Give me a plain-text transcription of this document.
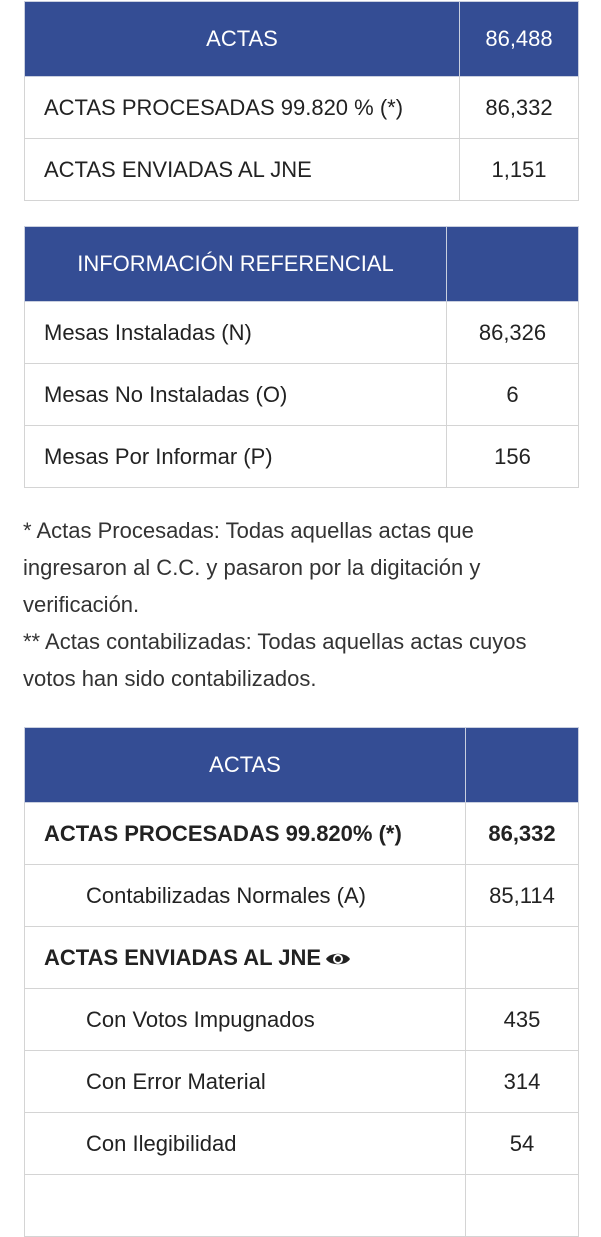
ACTAS	86,488
ACTAS PROCESADAS 99.820 % (*)	86,332
ACTAS ENVIADAS AL JNE	1,151
INFORMACIÓN REFERENCIAL	
Mesas Instaladas (N)	86,326
Mesas No Instaladas (O)	6
Mesas Por Informar (P)	156

* Actas Procesadas: Todas aquellas actas que ingresaron al C.C. y pasaron por la digitación y verificación.

** Actas contabilizadas: Todas aquellas actas cuyos votos han sido contabilizados.

ACTAS	
ACTAS PROCESADAS 99.820% (*)	86,332
Contabilizadas Normales (A)	85,114
ACTAS ENVIADAS AL JNE

Con Votos Impugnados	435
Con Error Material	314
Con Ilegibilidad	54
